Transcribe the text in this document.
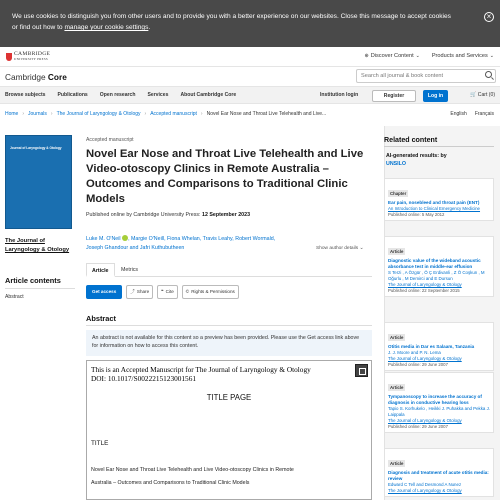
We use cookies to distinguish you from other users and to provide you with a better experience on our websites. Close this message to accept cookies or find out how to manage your cookie settings.
×
CAMBRIDGE
UNIVERSITY PRESS	⊕ Discover Content ⌄ Products and Services ⌄
Cambridge Core	Search all journal & book content
Browse subjects Publications Open research Services About Cambridge Core	Institution login	Register	Log in	🛒 Cart (0)
Home › Journals › The Journal of Laryngology & Otology › Accepted manuscript › Novel Ear Nose and Throat Live Telehealth and Live...	English Français
Journal of Laryngology & Otology
The Journal of Laryngology & Otology
Article contents
Abstract
Accepted manuscript
Novel Ear Nose and Throat Live Telehealth and Live Video-otoscopy Clinics in Remote Australia – Outcomes and Comparisons to Traditional Clinic Models
Published online by Cambridge University Press: 12 September 2023
Luke M. O'Neil , Margie O'Neill, Fiona Whelan, Travis Leahy, Robert Wormald,
Joseph Ghandour and Jafri Kuthubutheen	Show author details ⌄
Article	Metrics
Get access	⤴ Share	❝ Cite	© Rights & Permissions
Abstract
An abstract is not available for this content so a preview has been provided. Please use the Get access link above for information on how to access this content.
This is an Accepted Manuscript for The Journal of Laryngology & Otology
DOI: 10.1017/S0022215123001561
TITLE PAGE
TITLE
Novel Ear Nose and Throat Live Telehealth and Live Video-otoscopy Clinics in Remote
Australia – Outcomes and Comparisons to Traditional Clinic Models
Related content
AI-generated results: by
UNSILO
Chapter
Ear pain, nosebleed and throat pain (ENT)
An Introduction to Clinical Emergency Medicine
Published online: 5 May 2012
Article
Diagnostic value of the wideband acoustic absorbance test in middle-ear effusion
S Terzi , A Özgür , Ö Ç Erdivanli , Z Ö Coşkun , M Oğurlu , M Demirci and E Dursun
The Journal of Laryngology & Otology
Published online: 22 September 2015
Article
Otitis media in Dar es Salaam, Tanzania
J. J. Moore and P. N. Lema
The Journal of Laryngology & Otology
Published online: 29 June 2007
Article
Tympanoscopy to increase the accuracy of diagnosis in conductive hearing loss
Tapio S. Korhukelo , Heikki J. Puhakka and Pekka J. Laippala
The Journal of Laryngology & Otology
Published online: 29 June 2007
Article
Diagnosis and treatment of acute otitis media: review
Edward C Tell and Desmond A Nunez
The Journal of Laryngology & Otology
